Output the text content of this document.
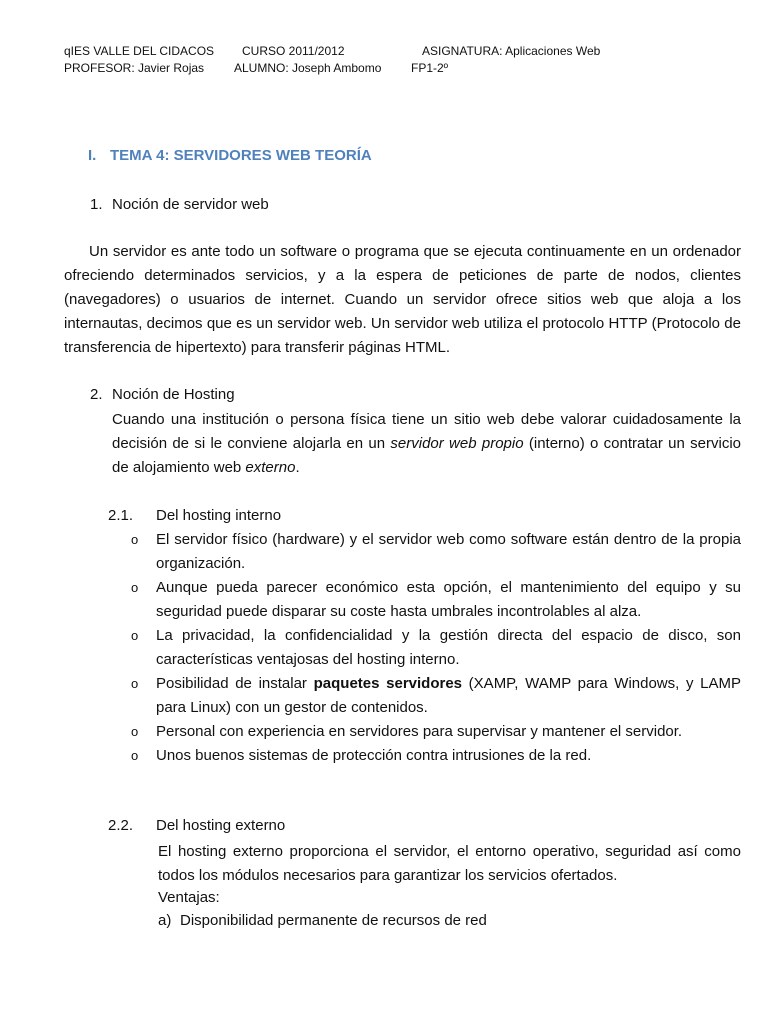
qIES VALLE DEL CIDACOS CURSO 2011/2012	ASIGNATURA: Aplicaciones Web
PROFESOR: Javier Rojas ALUMNO: Joseph Ambomo FP1-2º
I. TEMA 4: SERVIDORES WEB TEORÍA
1. Noción de servidor web
Un servidor es ante todo un software o programa que se ejecuta continuamente en un ordenador ofreciendo determinados servicios, y a la espera de peticiones de parte de nodos, clientes (navegadores) o usuarios de internet. Cuando un servidor ofrece sitios web que aloja a los internautas, decimos que es un servidor web. Un servidor web utiliza el protocolo HTTP (Protocolo de transferencia de hipertexto) para transferir páginas HTML.
2. Noción de Hosting
Cuando una institución o persona física tiene un sitio web debe valorar cuidadosamente la decisión de si le conviene alojarla en un servidor web propio (interno) o contratar un servicio de alojamiento web externo.
2.1. Del hosting interno
o El servidor físico (hardware) y el servidor web como software están dentro de la propia organización.
o Aunque pueda parecer económico esta opción, el mantenimiento del equipo y su seguridad puede disparar su coste hasta umbrales incontrolables al alza.
o La privacidad, la confidencialidad y la gestión directa del espacio de disco, son características ventajosas del hosting interno.
o Posibilidad de instalar paquetes servidores (XAMP, WAMP para Windows, y LAMP para Linux) con un gestor de contenidos.
o Personal con experiencia en servidores para supervisar y mantener el servidor.
o Unos buenos sistemas de protección contra intrusiones de la red.
2.2. Del hosting externo
El hosting externo proporciona el servidor, el entorno operativo, seguridad así como todos los módulos necesarios para garantizar los servicios ofertados.
Ventajas:
a) Disponibilidad permanente de recursos de red
